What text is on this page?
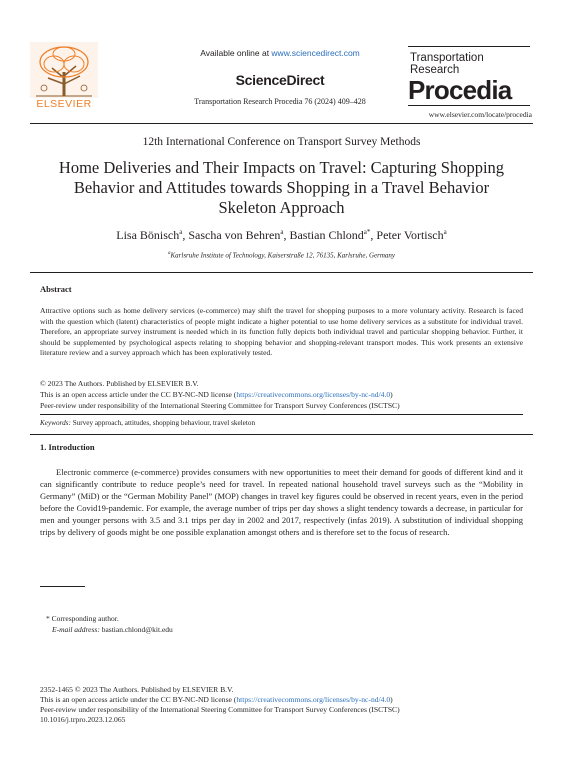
ELSEVIER
Available online at www.sciencedirect.com
ScienceDirect
Transportation Research Procedia 76 (2024) 409–428
Transportation
Research
Procedia
www.elsevier.com/locate/procedia
12th International Conference on Transport Survey Methods
Home Deliveries and Their Impacts on Travel: Capturing Shopping
Behavior and Attitudes towards Shopping in a Travel Behavior
Skeleton Approach
Lisa Bönisch$^a$, Sascha von Behren$^a$, Bastian Chlond$^{a*}$, Peter Vortisch$^a$
$^a$Karlsruhe Institute of Technology, Kaiserstraße 12, 76135, Karlsruhe, Germany
Abstract
Attractive options such as home delivery services (e-commerce) may shift the travel for shopping purposes to a more voluntary activity. Research is faced with the question which (latent) characteristics of people might indicate a higher potential to use home delivery services as a substitute for individual travel. Therefore, an appropriate survey instrument is needed which in its function fully depicts both individual travel and particular shopping behavior. Further, it should be supplemented by psychological aspects relating to shopping behavior and shopping-relevant transport modes. This work presents an extensive literature review and a survey approach which has been exploratively tested.
© 2023 The Authors. Published by ELSEVIER B.V.
This is an open access article under the CC BY-NC-ND license (https://creativecommons.org/licenses/by-nc-nd/4.0)
Peer-review under responsibility of the International Steering Committee for Transport Survey Conferences (ISCTSC)
Keywords: Survey approach, attitudes, shopping behaviour, travel skeleton
1. Introduction
Electronic commerce (e-commerce) provides consumers with new opportunities to meet their demand for goods of different kind and it can significantly contribute to reduce people’s need for travel. In repeated national household travel surveys such as the “Mobility in Germany” (MiD) or the “German Mobility Panel” (MOP) changes in travel key figures could be observed in recent years, even in the period before the Covid19-pandemic. For example, the average number of trips per day shows a slight tendency towards a decrease, in particular for men and younger persons with 3.5 and 3.1 trips per day in 2002 and 2017, respectively (infas 2019). A substitution of individual shopping trips by delivery of goods might be one possible explanation amongst others and is therefore set to the focus of research.
* Corresponding author.
E-mail address: bastian.chlond@kit.edu
2352-1465 © 2023 The Authors. Published by ELSEVIER B.V.
This is an open access article under the CC BY-NC-ND license (https://creativecommons.org/licenses/by-nc-nd/4.0)
Peer-review under responsibility of the International Steering Committee for Transport Survey Conferences (ISCTSC)
10.1016/j.trpro.2023.12.065
